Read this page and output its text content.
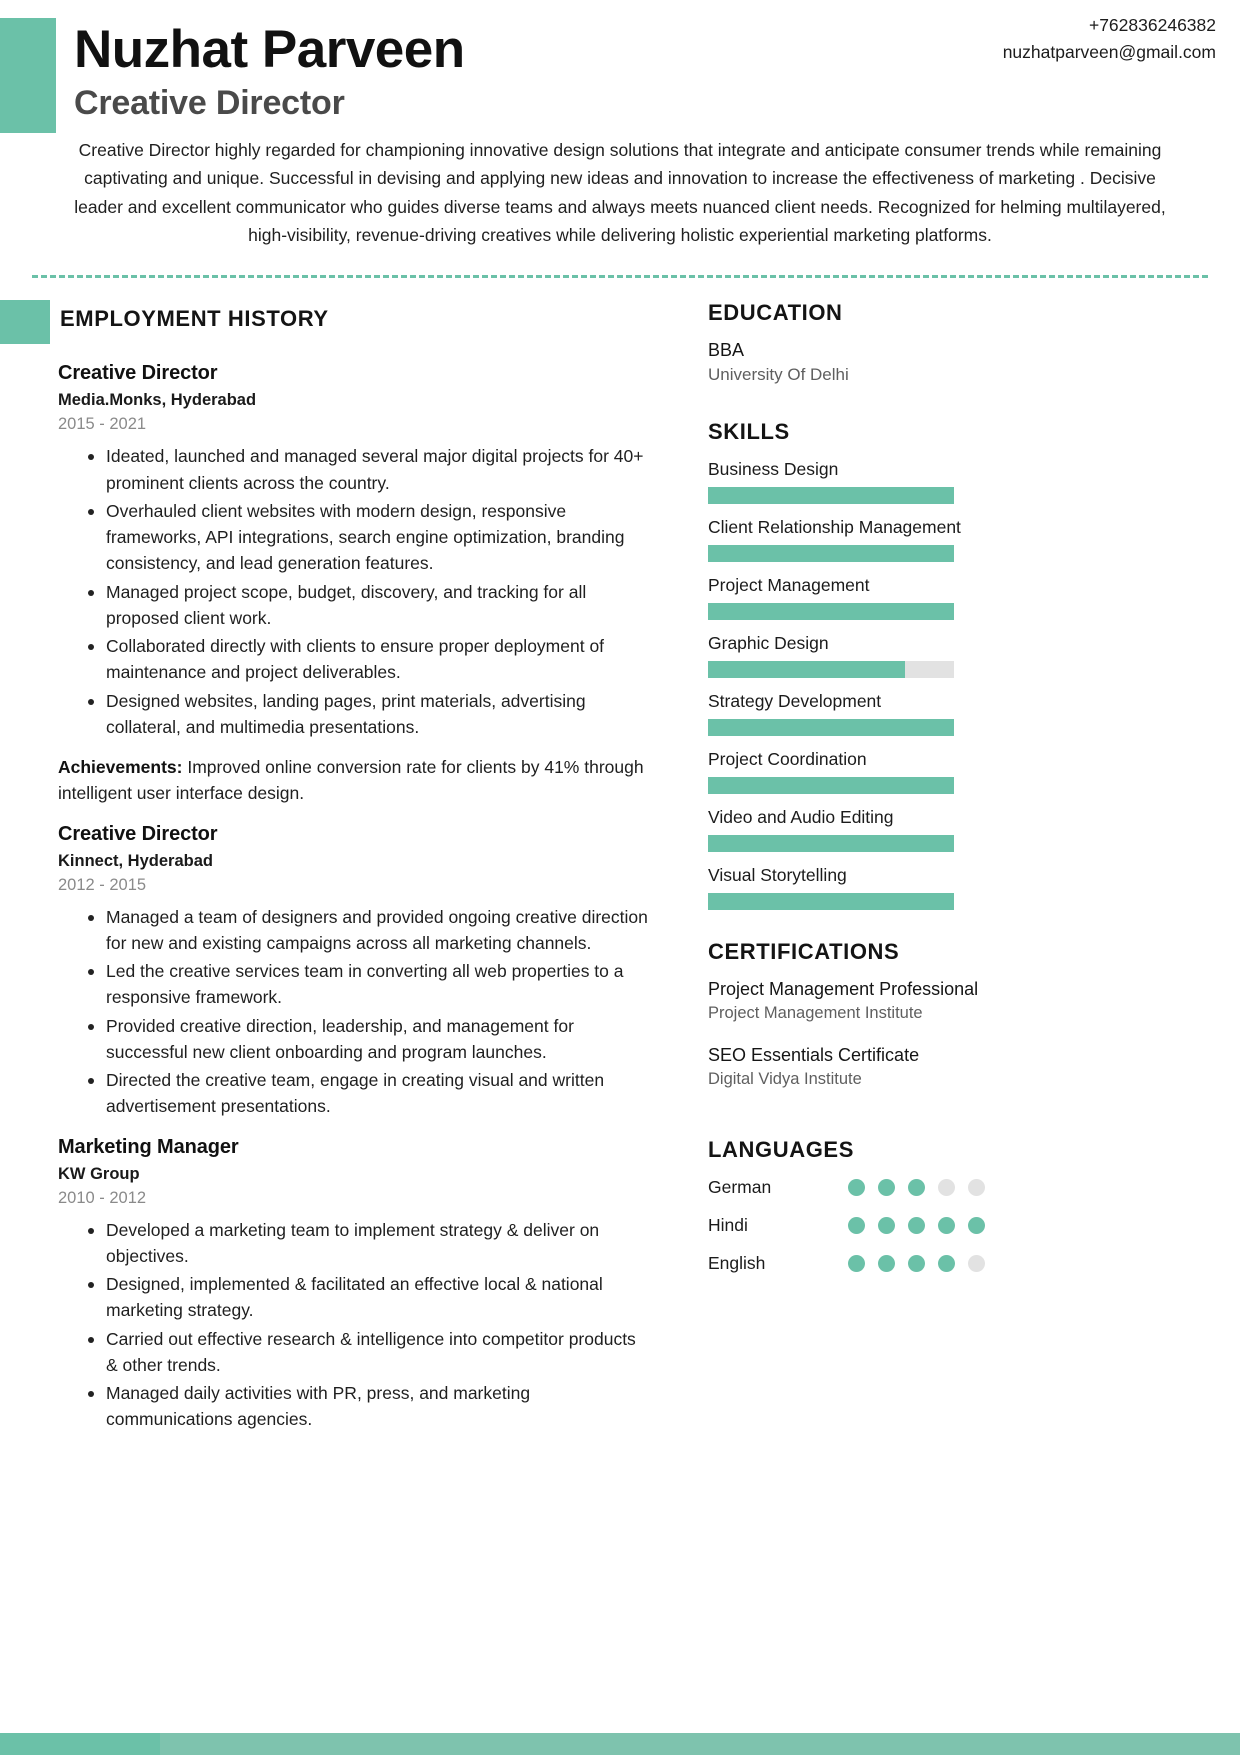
Nuzhat Parveen
Creative Director
+762836246382
nuzhatparveen@gmail.com
Creative Director highly regarded for championing innovative design solutions that integrate and anticipate consumer trends while remaining captivating and unique. Successful in devising and applying new ideas and innovation to increase the effectiveness of marketing . Decisive leader and excellent communicator who guides diverse teams and always meets nuanced client needs. Recognized for helming multilayered, high-visibility, revenue-driving creatives while delivering holistic experiential marketing platforms.
EMPLOYMENT HISTORY
Creative Director
Media.Monks, Hyderabad
2015 - 2021
Ideated, launched and managed several major digital projects for 40+ prominent clients across the country.
Overhauled client websites with modern design, responsive frameworks, API integrations, search engine optimization, branding consistency, and lead generation features.
Managed project scope, budget, discovery, and tracking for all proposed client work.
Collaborated directly with clients to ensure proper deployment of maintenance and project deliverables.
Designed websites, landing pages, print materials, advertising collateral, and multimedia presentations.
Achievements: Improved online conversion rate for clients by 41% through intelligent user interface design.
Creative Director
Kinnect, Hyderabad
2012 - 2015
Managed a team of designers and provided ongoing creative direction for new and existing campaigns across all marketing channels.
Led the creative services team in converting all web properties to a responsive framework.
Provided creative direction, leadership, and management for successful new client onboarding and program launches.
Directed the creative team, engage in creating visual and written advertisement presentations.
Marketing Manager
KW Group
2010 - 2012
Developed a marketing team to implement strategy & deliver on objectives.
Designed, implemented & facilitated an effective local & national marketing strategy.
Carried out effective research & intelligence into competitor products & other trends.
Managed daily activities with PR, press, and marketing communications agencies.
EDUCATION
BBA
University Of Delhi
SKILLS
Business Design
Client Relationship Management
Project Management
Graphic Design
Strategy Development
Project Coordination
Video and Audio Editing
Visual Storytelling
CERTIFICATIONS
Project Management Professional
Project Management Institute
SEO Essentials Certificate
Digital Vidya Institute
LANGUAGES
German
Hindi
English
